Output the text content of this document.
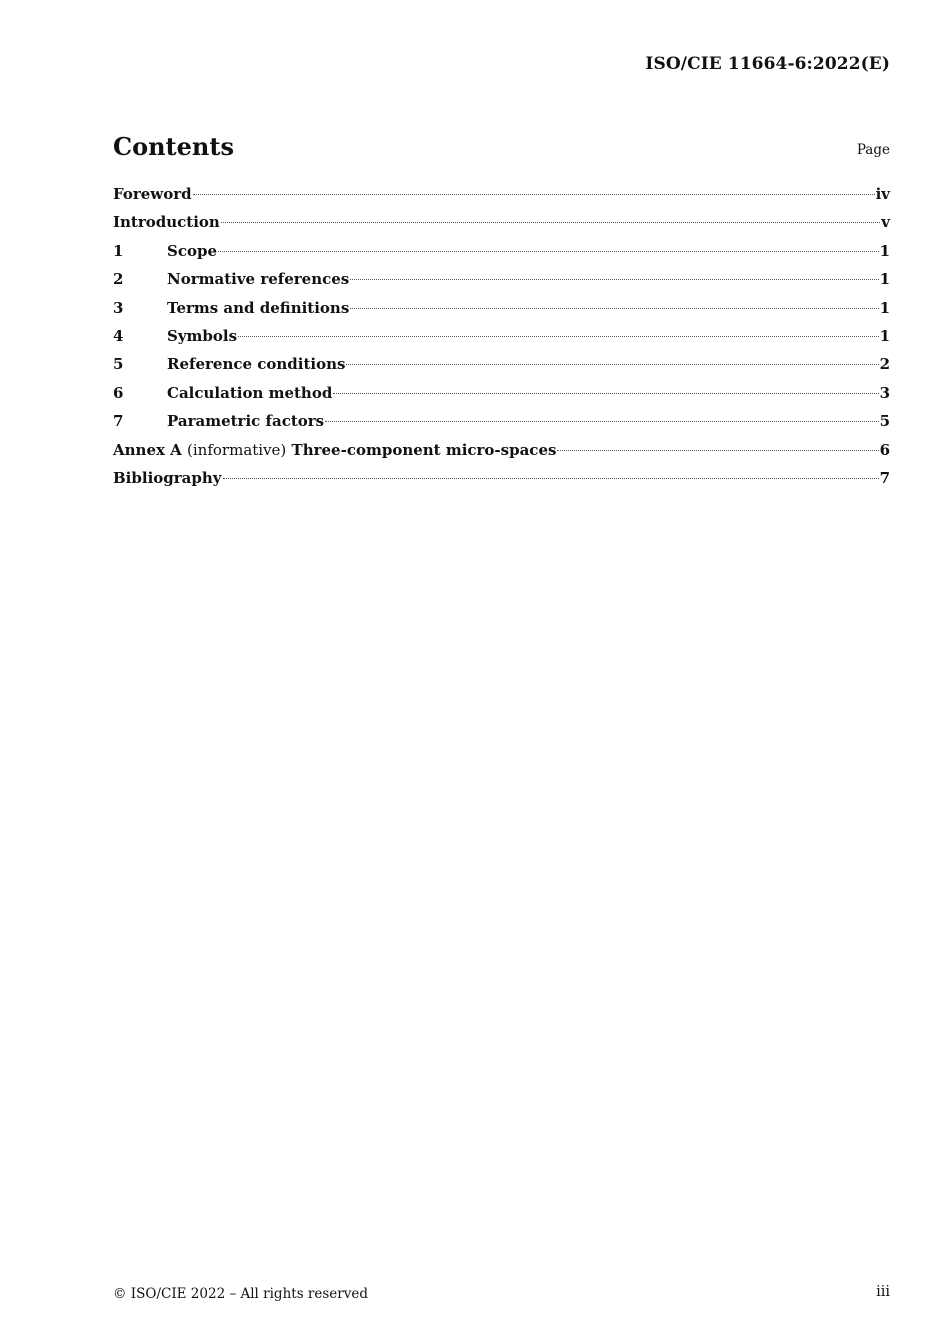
ISO/CIE 11664-6:2022(E)
Contents	Page
Foreword	iv
Introduction	v
1	Scope	1
2	Normative references	1
3	Terms and definitions	1
4	Symbols	1
5	Reference conditions	2
6	Calculation method	3
7	Parametric factors	5
Annex A (informative) Three-component micro-spaces	6
Bibliography	7
© ISO/CIE 2022 – All rights reserved	iii
